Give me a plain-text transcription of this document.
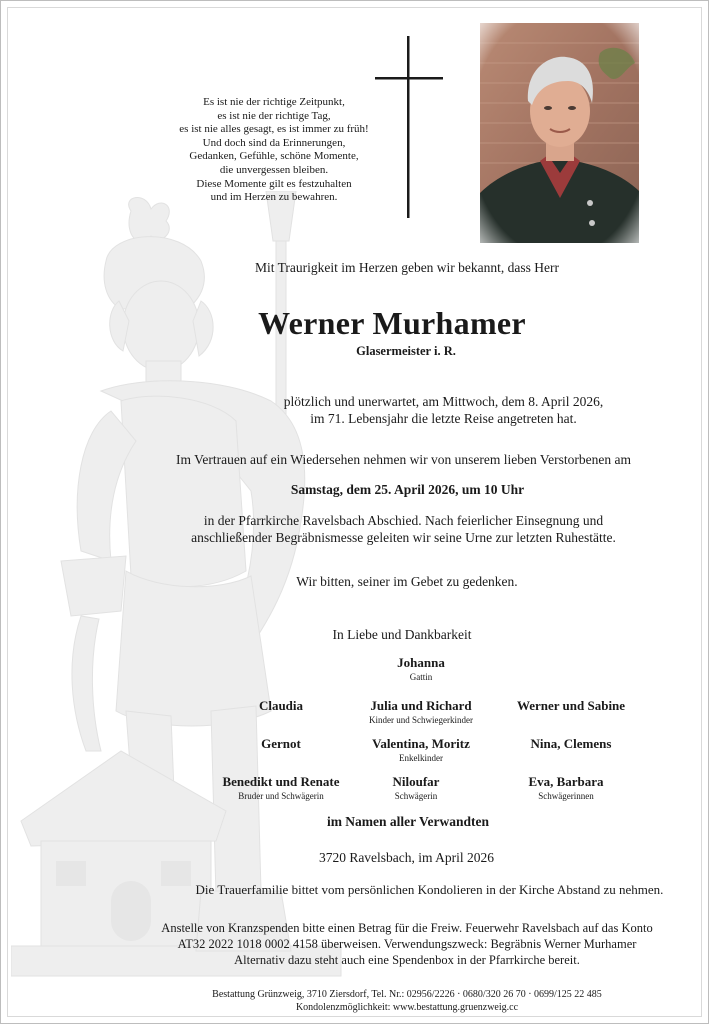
Es ist nie der richtige Zeitpunkt,
es ist nie der richtige Tag,
es ist nie alles gesagt, es ist immer zu früh!
Und doch sind da Erinnerungen,
Gedanken, Gefühle, schöne Momente,
die unvergessen bleiben.
Diese Momente gilt es festzuhalten
und im Herzen zu bewahren.
Mit Traurigkeit im Herzen geben wir bekannt, dass Herr
Werner Murhamer
Glasermeister i. R.
plötzlich und unerwartet, am Mittwoch, dem 8. April 2026,
im 71. Lebensjahr die letzte Reise angetreten hat.
Im Vertrauen auf ein Wiedersehen nehmen wir von unserem lieben Verstorbenen am
Samstag, dem 25. April 2026, um 10 Uhr
in der Pfarrkirche Ravelsbach Abschied. Nach feierlicher Einsegnung und
anschließender Begräbnismesse geleiten wir seine Urne zur letzten Ruhestätte.
Wir bitten, seiner im Gebet zu gedenken.
In Liebe und Dankbarkeit
Johanna
Gattin
Claudia	Julia und Richard
Kinder und Schwiegerkinder
Werner und Sabine
Gernot	Valentina, Moritz
Enkelkinder
Nina, Clemens
Benedikt und Renate
Bruder und Schwägerin
Niloufar
Schwägerin
Eva, Barbara
Schwägerinnen
im Namen aller Verwandten
3720 Ravelsbach, im April 2026
Die Trauerfamilie bittet vom persönlichen Kondolieren in der Kirche Abstand zu nehmen.
Anstelle von Kranzspenden bitte einen Betrag für die Freiw. Feuerwehr Ravelsbach auf das Konto
AT32 2022 1018 0002 4158 überweisen. Verwendungszweck: Begräbnis Werner Murhamer
Alternativ dazu steht auch eine Spendenbox in der Pfarrkirche bereit.
Bestattung Grünzweig, 3710 Ziersdorf, Tel. Nr.: 02956/2226 · 0680/320 26 70 · 0699/125 22 485
Kondolenzmöglichkeit: www.bestattung.gruenzweig.cc
